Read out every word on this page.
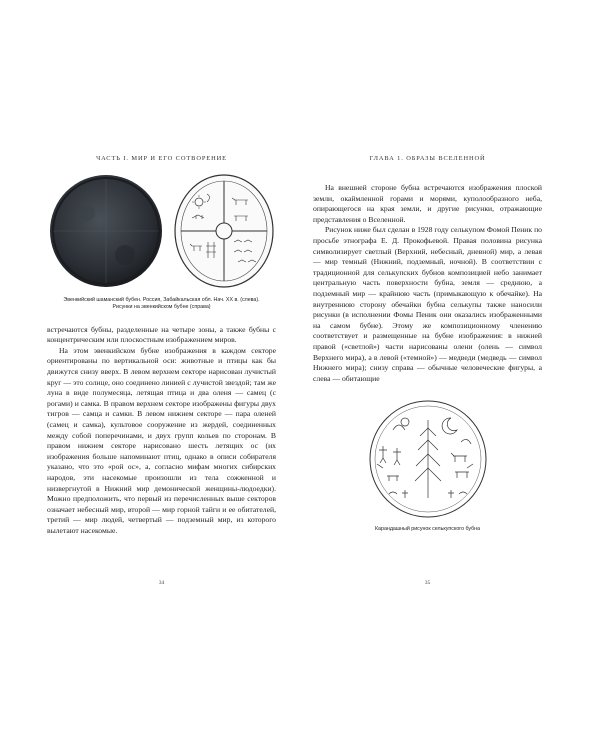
ЧАСТЬ I. МИР И ЕГО СОТВОРЕНИЕ
Эвенкийский шаманский бубен. Россия, Забайкальская обл. Нач. XX в. (слева).
Рисунки на эвенкийском бубне (справа)

встречаются бубны, разделенные на четыре зоны, а также бубны с концентрическим или плоскостным изображением миров.

На этом эвенкийском бубне изображения в каждом секторе ориентированы по вертикальной оси: животные и птицы как бы движутся снизу вверх. В левом верхнем секторе нарисован лучистый круг — это солнце, оно соединено линией с лучистой звездой; там же луна в виде полумесяца, летящая птица и два оленя — самец (с рогами) и самка. В правом верхнем секторе изображены фигуры двух тигров — самца и самки. В левом нижнем секторе — пара оленей (самец и самка), культовое сооружение из жердей, соединенных между собой поперечинами, и двух групп кольев по сторонам. В правом нижнем секторе нарисовано шесть летящих ос (их изображения больше напоминают птиц, однако в описи собирателя указано, что это «рой ос», а, согласно мифам многих сибирских народов, эти насекомые произошли из тела сожженной и низвергнутой в Нижний мир демонической женщины-людоедки). Можно предположить, что первый из перечисленных выше секторов означает небесный мир, второй — мир горной тайги и ее обитателей, третий — мир людей, четвертый — подземный мир, из которого вылетают насекомые.

34
ГЛАВА 1. ОБРАЗЫ ВСЕЛЕННОЙ

На внешней стороне бубна встречаются изображения плоской земли, окаймленной горами и морями, куполообразного неба, опирающегося на края земли, и другие рисунки, отражающие представления о Вселенной.

Рисунок ниже был сделан в 1928 году селькупом Фомой Пеник по просьбе этнографа Е. Д. Прокофьевой. Правая половина рисунка символизирует светлый (Верхний, небесный, дневной) мир, а левая — мир темный (Нижний, подземный, ночной). В соответствии с традиционной для селькупских бубнов композицией небо занимает центральную часть поверхности бубна, земля — среднюю, а подземный мир — крайнюю часть (примыкающую к обечайке). На внутреннюю сторону обечайки бубна селькупы также наносили рисунки (в исполнении Фомы Пеник они оказались изображенными на самом бубне). Этому же композиционному членению соответствует и размещенные на бубне изображения: в нижней правой («светлой») части нарисованы олени (олень — символ Верхнего мира), а в левой («темной») — медведи (медведь — символ Нижнего мира); снизу справа — обычные человеческие фигуры, а слева — обитающие

Карандашный рисунок селькупского бубна
35
